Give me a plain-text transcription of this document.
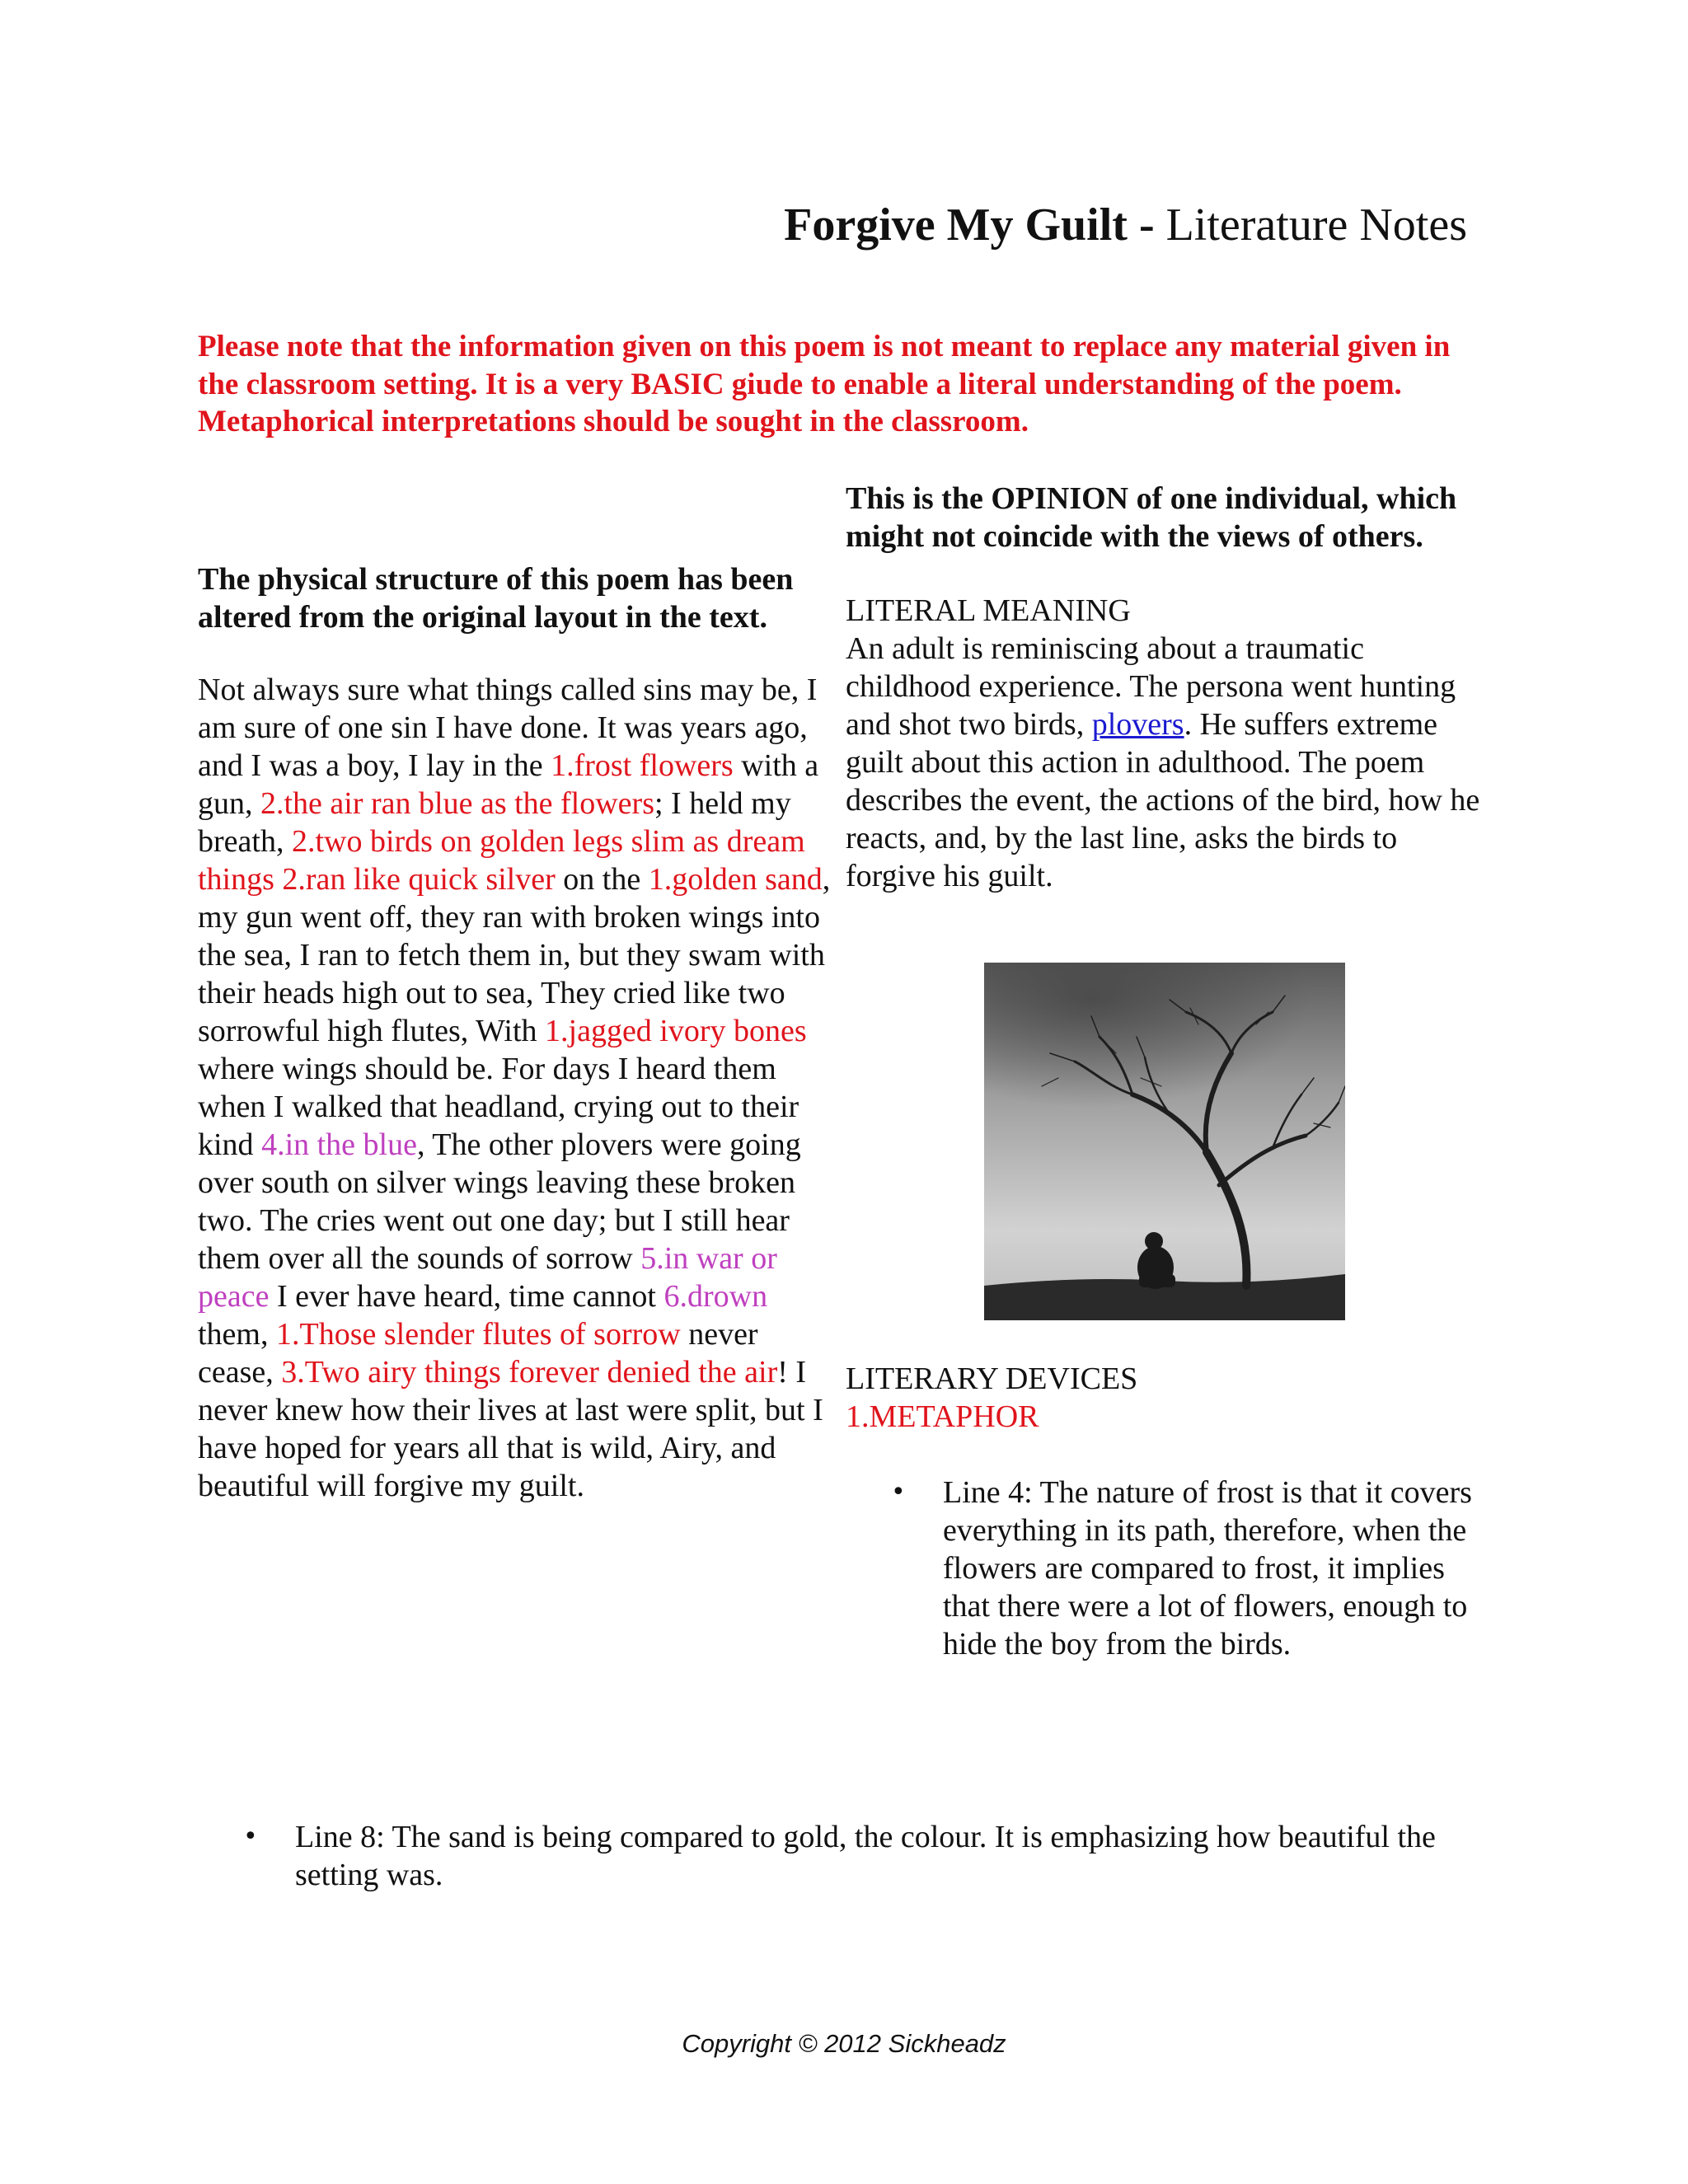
Forgive My Guilt - Literature Notes
Please note that the information given on this poem is not meant to replace any material given in the classroom setting. It is a very BASIC giude to enable a literal understanding of the poem. Metaphorical interpretations should be sought in the classroom.
The physical structure of this poem has been altered from the original layout in the text.
Not always sure what things called sins may be, I am sure of one sin I have done. It was years ago, and I was a boy, I lay in the 1.frost flowers with a gun, 2.the air ran blue as the flowers; I held my breath, 2.two birds on golden legs slim as dream things 2.ran like quick silver on the 1.golden sand, my gun went off, they ran with broken wings into the sea, I ran to fetch them in, but they swam with their heads high out to sea, They cried like two sorrowful high flutes, With 1.jagged ivory bones where wings should be. For days I heard them when I walked that headland, crying out to their kind 4.in the blue, The other plovers were going over south on silver wings leaving these broken two. The cries went out one day; but I still hear them over all the sounds of sorrow 5.in war or peace I ever have heard, time cannot 6.drown them, 1.Those slender flutes of sorrow never cease, 3.Two airy things forever denied the air! I never knew how their lives at last were split, but I have hoped for years all that is wild, Airy, and beautiful will forgive my guilt.
This is the OPINION of one individual, which might not coincide with the views of others.
LITERAL MEANING
An adult is reminiscing about a traumatic childhood experience. The persona went hunting and shot two birds, plovers. He suffers extreme guilt about this action in adulthood. The poem describes the event, the actions of the bird, how he reacts, and, by the last line, asks the birds to forgive his guilt.
LITERARY DEVICES
1.METAPHOR
• Line 4: The nature of frost is that it covers everything in its path, therefore, when the flowers are compared to frost, it implies that there were a lot of flowers, enough to hide the boy from the birds.
• Line 8: The sand is being compared to gold, the colour. It is emphasizing how beautiful the setting was.
Copyright © 2012 Sickheadz
